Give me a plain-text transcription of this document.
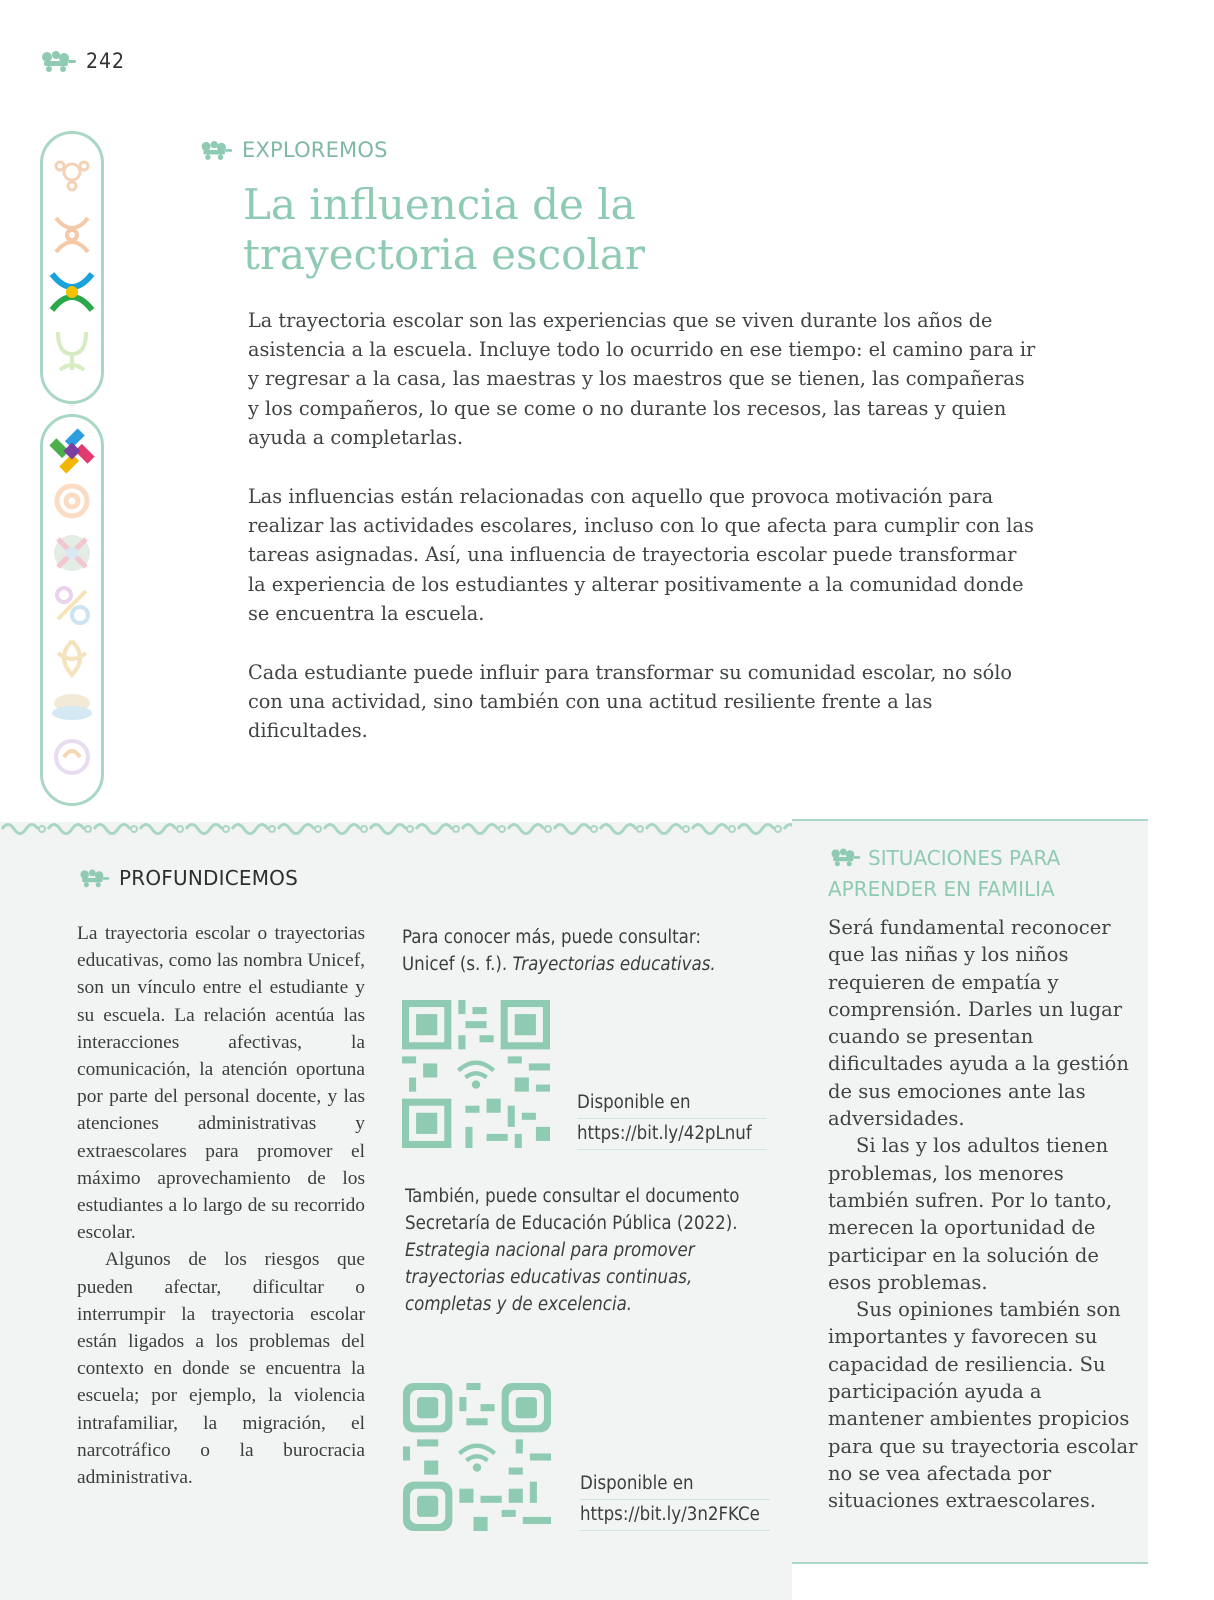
242
EXPLOREMOS
La influencia de la
trayectoria escolar

La trayectoria escolar son las experiencias que se viven durante los años de asistencia a la escuela. Incluye todo lo ocurrido en ese tiempo: el camino para ir y regresar a la casa, las maestras y los maestros que se tienen, las compañeras y los compañeros, lo que se come o no durante los recesos, las tareas y quien ayuda a completarlas.

Las influencias están relacionadas con aquello que provoca motivación para realizar las actividades escolares, incluso con lo que afecta para cumplir con las tareas asignadas. Así, una influencia de trayectoria escolar puede transformar la experiencia de los estudiantes y alterar positivamente a la comunidad donde se encuentra la escuela.

Cada estudiante puede influir para transformar su comunidad escolar, no sólo con una actividad, sino también con una actitud resiliente frente a las dificultades.

PROFUNDICEMOS

La trayectoria escolar o trayectorias educativas, como las nombra Unicef, son un vínculo entre el estudiante y su escuela. La relación acentúa las interacciones afectivas, la comunicación, la atención oportuna por parte del personal docente, y las atenciones administrativas y extraescolares para promover el máximo aprovechamiento de los estudiantes a lo largo de su recorrido escolar.

Algunos de los riesgos que pueden afectar, dificultar o interrumpir la trayectoria escolar están ligados a los problemas del contexto en donde se encuentra la escuela; por ejemplo, la violencia intrafamiliar, la migración, el narcotráfico o la burocracia administrativa.

Para conocer más, puede consultar:
Unicef (s. f.). Trayectorias educativas.
Disponible en
https://bit.ly/42pLnuf
También, puede consultar el documento Secretaría de Educación Pública (2022). Estrategia nacional para promover trayectorias educativas continuas, completas y de excelencia.
Disponible en
https://bit.ly/3n2FKCe
SITUACIONES PARA APRENDER EN FAMILIA

Será fundamental reconocer que las niñas y los niños requieren de empatía y comprensión. Darles un lugar cuando se presentan dificultades ayuda a la gestión de sus emociones ante las adversidades.

Si las y los adultos tienen problemas, los menores también sufren. Por lo tanto, merecen la oportunidad de participar en la solución de esos problemas.

Sus opiniones también son importantes y favorecen su capacidad de resiliencia. Su participación ayuda a mantener ambientes propicios para que su trayectoria escolar no se vea afectada por situaciones extraescolares.
